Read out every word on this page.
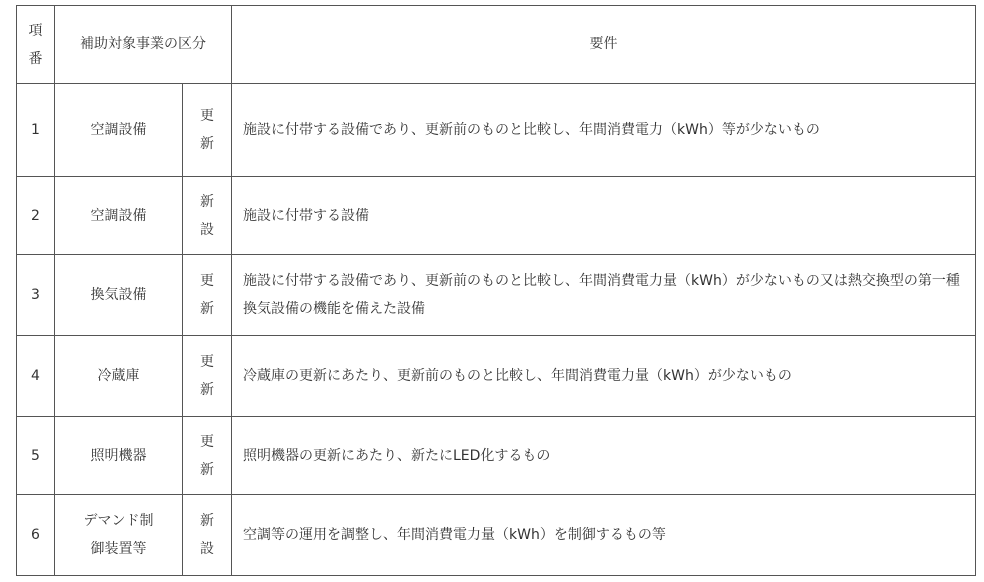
項番	補助対象事業の区分		要件
1	空調設備	更新	施設に付帯する設備であり、更新前のものと比較し、年間消費電力（kWh）等が少ないもの
2	空調設備	新設	施設に付帯する設備
3	換気設備	更新	施設に付帯する設備であり、更新前のものと比較し、年間消費電力量（kWh）が少ないもの又は熱交換型の第一種換気設備の機能を備えた設備
4	冷蔵庫	更新	冷蔵庫の更新にあたり、更新前のものと比較し、年間消費電力量（kWh）が少ないもの
5	照明機器	更新	照明機器の更新にあたり、新たにLED化するもの
6	デマンド制御装置等	新設	空調等の運用を調整し、年間消費電力量（kWh）を制御するもの等
